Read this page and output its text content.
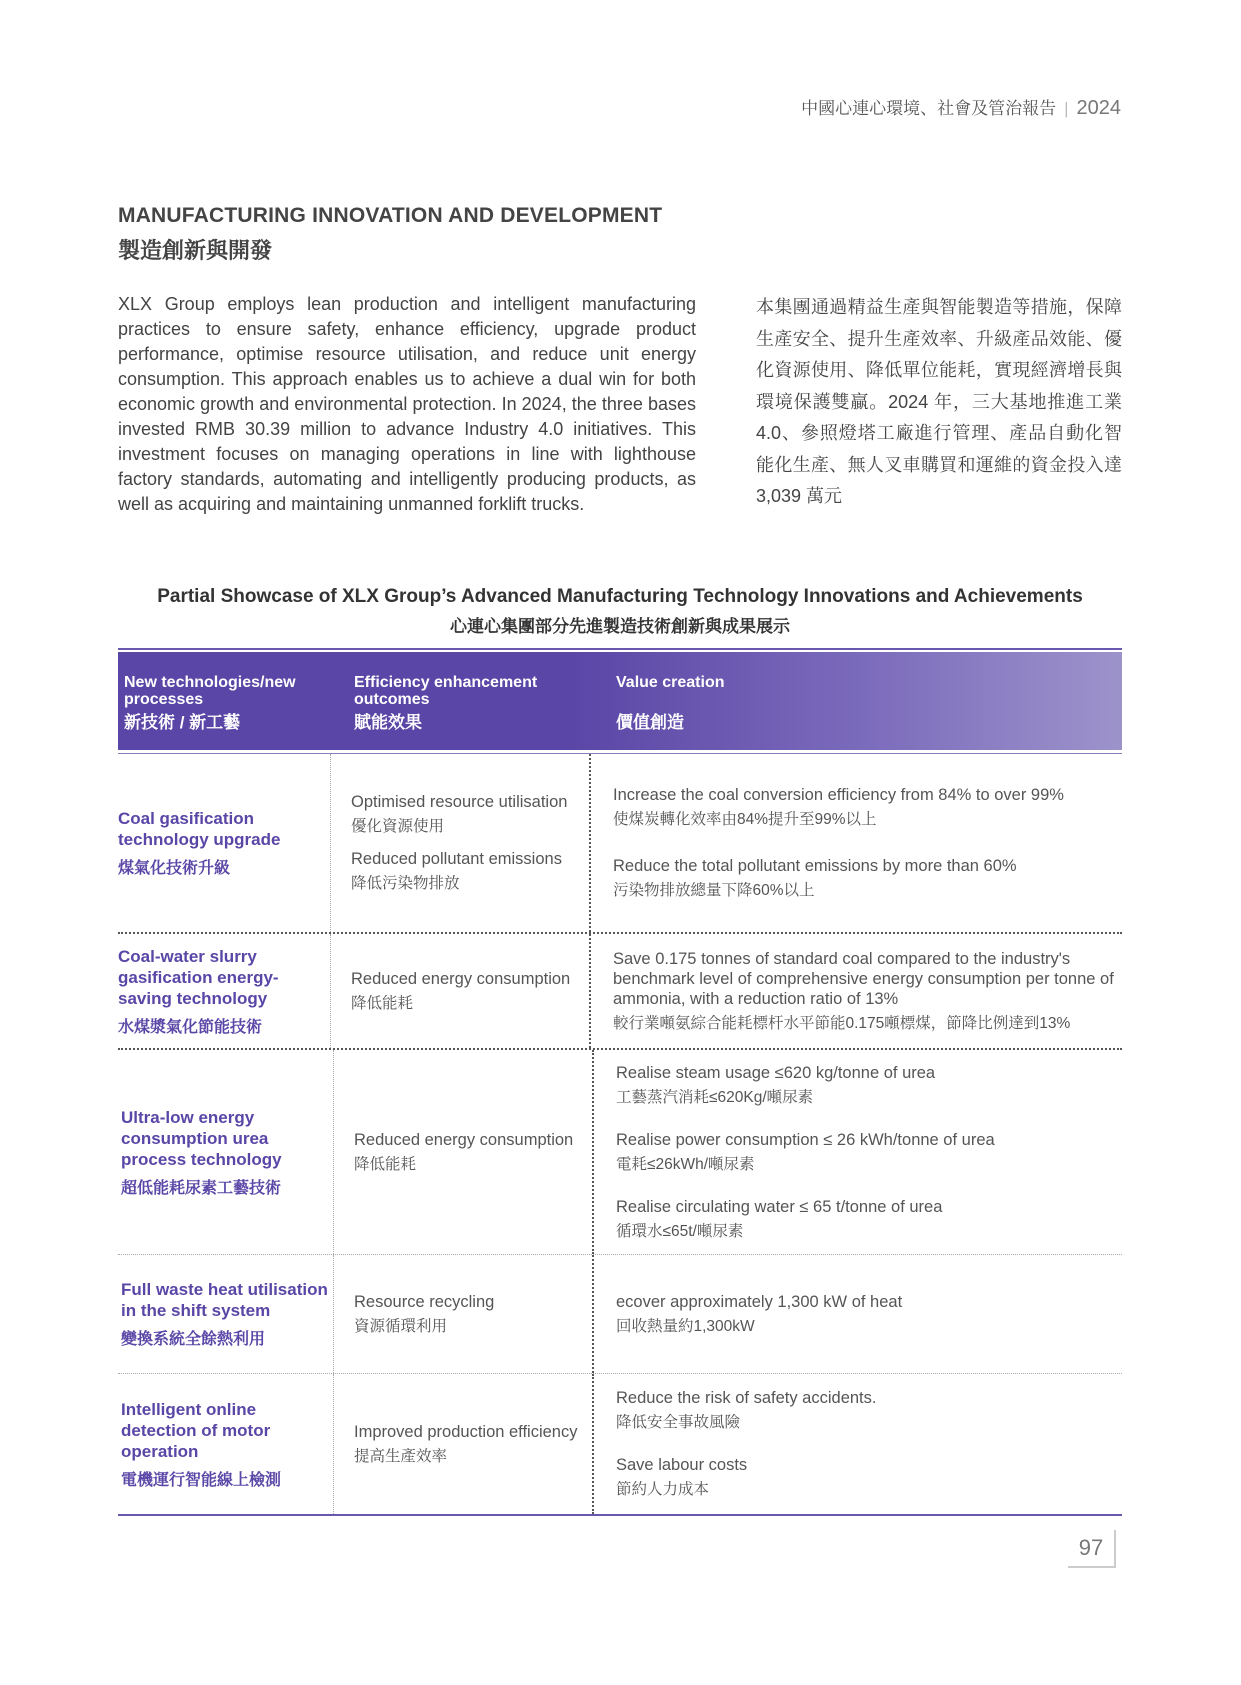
中國心連心環境、社會及管治報告 | 2024
MANUFACTURING INNOVATION AND DEVELOPMENT
製造創新與開發
XLX Group employs lean production and intelligent manufacturing practices to ensure safety, enhance efficiency, upgrade product performance, optimise resource utilisation, and reduce unit energy consumption. This approach enables us to achieve a dual win for both economic growth and environmental protection. In 2024, the three bases invested RMB 30.39 million to advance Industry 4.0 initiatives. This investment focuses on managing operations in line with lighthouse factory standards, automating and intelligently producing products, as well as acquiring and maintaining unmanned forklift trucks.
本集團通過精益生產與智能製造等措施，保障生產安全、提升生產效率、升級產品效能、優化資源使用、降低單位能耗，實現經濟增長與環境保護雙贏。2024 年，三大基地推進工業 4.0、參照燈塔工廠進行管理、產品自動化智能化生產、無人叉車購買和運維的資金投入達 3,039 萬元
Partial Showcase of XLX Group’s Advanced Manufacturing Technology Innovations and Achievements
心連心集團部分先進製造技術創新與成果展示
New technologies/new processes
新技術 / 新工藝
Efficiency enhancement outcomes
賦能效果
Value creation
價值創造
Coal gasification technology upgrade
煤氣化技術升級
Optimised resource utilisation
優化資源使用
Reduced pollutant emissions
降低污染物排放
Increase the coal conversion efficiency from 84% to over 99%
使煤炭轉化效率由84%提升至99%以上
Reduce the total pollutant emissions by more than 60%
污染物排放總量下降60%以上
Coal-water slurry gasification energy-saving technology
水煤漿氣化節能技術
Reduced energy consumption
降低能耗
Save 0.175 tonnes of standard coal compared to the industry's benchmark level of comprehensive energy consumption per tonne of ammonia, with a reduction ratio of 13%
較行業噸氨綜合能耗標杆水平節能0.175噸標煤，節降比例達到13%
Ultra-low energy consumption urea process technology
超低能耗尿素工藝技術
Reduced energy consumption
降低能耗
Realise steam usage ≤620 kg/tonne of urea
工藝蒸汽消耗≤620Kg/噸尿素
Realise power consumption ≤ 26 kWh/tonne of urea
電耗≤26kWh/噸尿素
Realise circulating water ≤ 65 t/tonne of urea
循環水≤65t/噸尿素
Full waste heat utilisation in the shift system
變換系統全餘熱利用
Resource recycling
資源循環利用
ecover approximately 1,300 kW of heat
回收熱量約1,300kW
Intelligent online detection of motor operation
電機運行智能線上檢測
Improved production efficiency
提高生產效率
Reduce the risk of safety accidents.
降低安全事故風險
Save labour costs
節約人力成本
97
